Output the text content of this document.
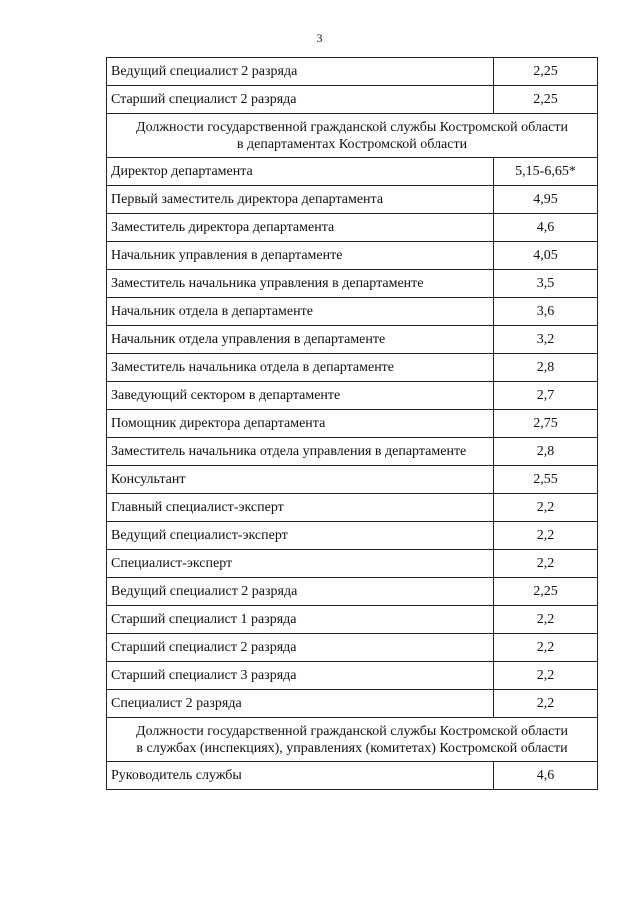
3
Ведущий специалист 2 разряда	2,25
Старший специалист 2 разряда	2,25

Должности государственной гражданской службы Костромской области
в департаментах Костромской области	

Директор департамента	5,15-6,65*
Первый заместитель директора департамента	4,95
Заместитель директора департамента	4,6
Начальник управления в департаменте	4,05
Заместитель начальника управления в департаменте	3,5
Начальник отдела в департаменте	3,6
Начальник отдела управления в департаменте	3,2
Заместитель начальника отдела в департаменте	2,8
Заведующий сектором в департаменте	2,7
Помощник директора департамента	2,75
Заместитель начальника отдела управления в департаменте	2,8
Консультант	2,55
Главный специалист-эксперт	2,2
Ведущий специалист-эксперт	2,2
Специалист-эксперт	2,2
Ведущий специалист 2 разряда	2,25
Старший специалист 1 разряда	2,2
Старший специалист 2 разряда	2,2
Старший специалист 3 разряда	2,2
Специалист 2 разряда	2,2

Должности государственной гражданской службы Костромской области
в службах (инспекциях), управлениях (комитетах) Костромской области	

Руководитель службы	4,6
